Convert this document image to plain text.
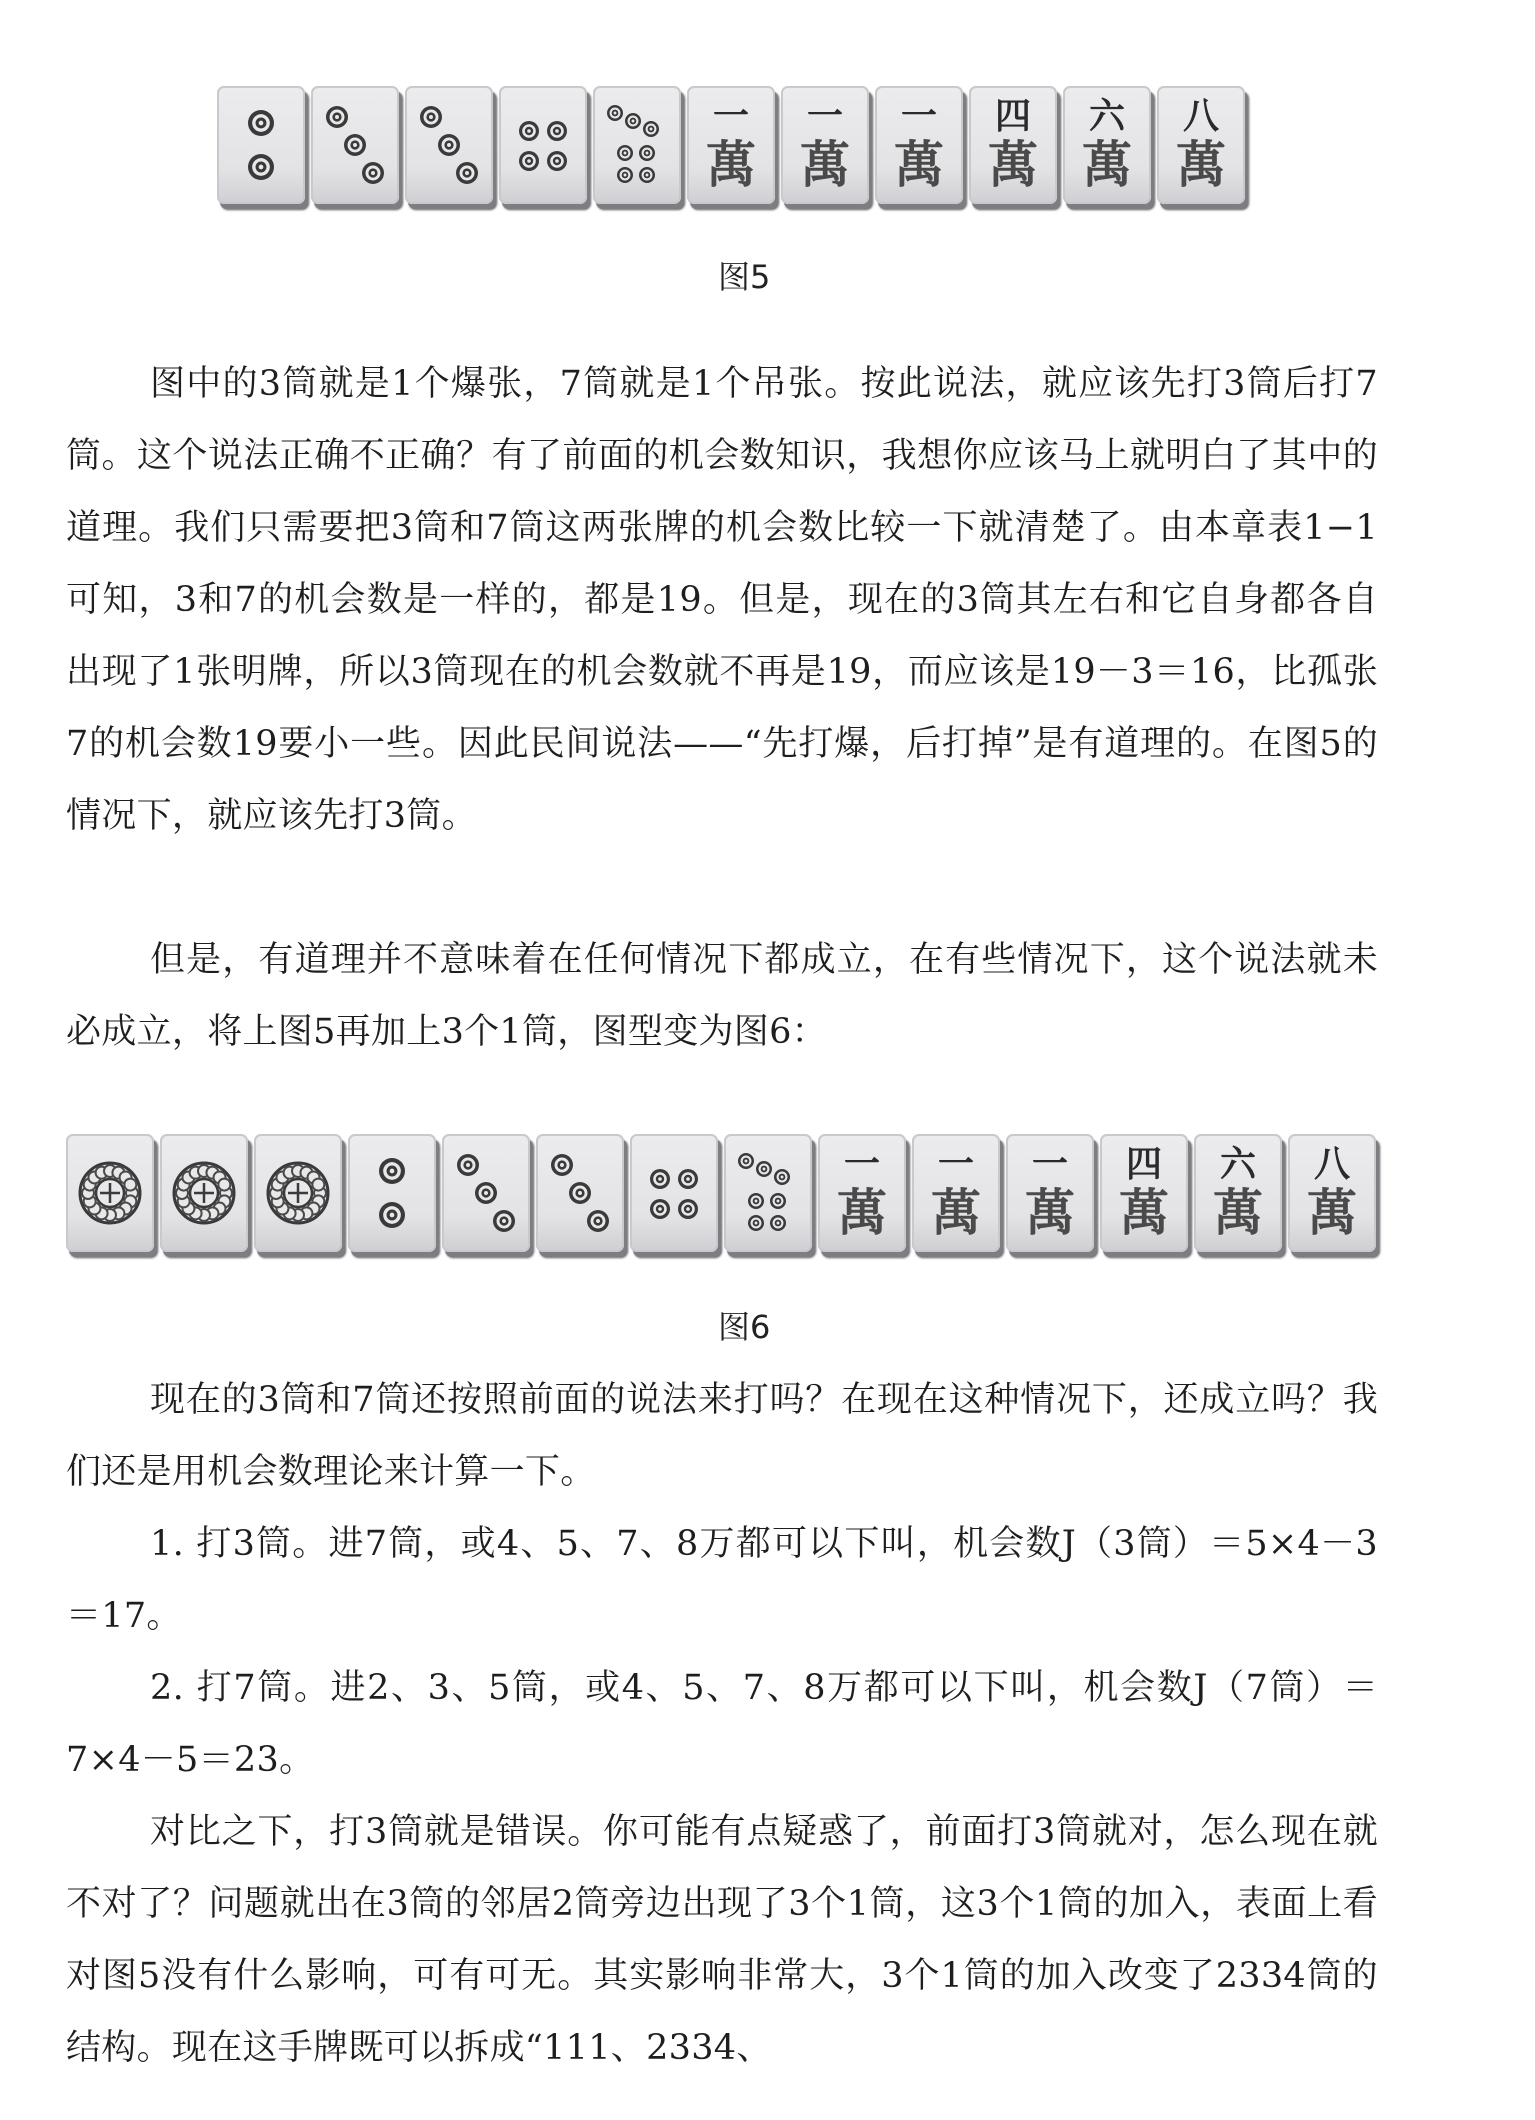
一
萬
一
萬
一
萬
四
萬
六
萬
八
萬
图5

图中的3筒就是1个爆张，7筒就是1个吊张。按此说法，就应该先打3筒后打7筒。这个说法正确不正确？有了前面的机会数知识，我想你应该马上就明白了其中的道理。我们只需要把3筒和7筒这两张牌的机会数比较一下就清楚了。由本章表1−1可知，3和7的机会数是一样的，都是19。但是，现在的3筒其左右和它自身都各自出现了1张明牌，所以3筒现在的机会数就不再是19，而应该是19－3＝16，比孤张7的机会数19要小一些。因此民间说法——“先打爆，后打掉”是有道理的。在图5的情况下，就应该先打3筒。

但是，有道理并不意味着在任何情况下都成立，在有些情况下，这个说法就未必成立，将上图5再加上3个1筒，图型变为图6：

一
萬
一
萬
一
萬
四
萬
六
萬
八
萬
图6

现在的3筒和7筒还按照前面的说法来打吗？在现在这种情况下，还成立吗？我们还是用机会数理论来计算一下。

1. 打3筒。进7筒，或4、5、7、8万都可以下叫，机会数J（3筒）＝5×4－3＝17。

2. 打7筒。进2、3、5筒，或4、5、7、8万都可以下叫，机会数J（7筒）＝7×4－5＝23。

对比之下，打3筒就是错误。你可能有点疑惑了，前面打3筒就对，怎么现在就不对了？问题就出在3筒的邻居2筒旁边出现了3个1筒，这3个1筒的加入，表面上看对图5没有什么影响，可有可无。其实影响非常大，3个1筒的加入改变了2334筒的结构。现在这手牌既可以拆成“111、2334、
